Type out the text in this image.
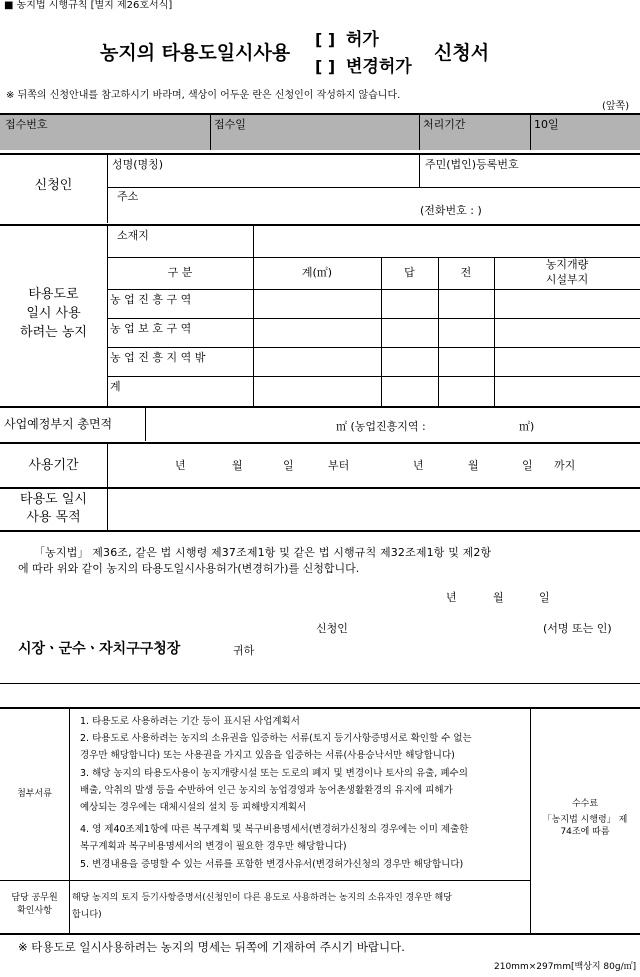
■ 농지법 시행규칙 [별지 제26호서식]
농지의 타용도일시사용
[ ] 허가
[ ] 변경허가
신청서
※ 뒤쪽의 신청안내를 참고하시기 바라며, 색상이 어두운 란은 신청인이 작성하지 않습니다.
(앞쪽)
접수번호	접수일	처리기간	10일
신청인
성명(명칭)	주민(법인)등록번호
주소
(전화번호 : )
타용도로
일시 사용
하려는 농지
소재지
구 분	계(㎡)	답	전
농지개량
시설부지
농 업 진 흥 구 역
농 업 보 호 구 역
농 업 진 흥 지 역 밖
계
사업예정부지 총면적	㎡ (농업진흥지역 :	㎡)
사용기간	년	월	일	부터	년	월	일 까지
타용도 일시
사용 목적
「농지법」 제36조, 같은 법 시행령 제37조제1항 및 같은 법 시행규칙 제32조제1항 및 제2항
에 따라 위와 같이 농지의 타용도일시사용허가(변경허가)를 신청합니다.
년	월	일
신청인	(서명 또는 인)
시장ㆍ군수ㆍ자치구구청장	귀하
첨부서류
1. 타용도로 사용하려는 기간 등이 표시된 사업계획서
2. 타용도로 사용하려는 농지의 소유권을 입증하는 서류(토지 등기사항증명서로 확인할 수 없는
경우만 해당합니다) 또는 사용권을 가지고 있음을 입증하는 서류(사용승낙서만 해당합니다)
3. 해당 농지의 타용도사용이 농지개량시설 또는 도로의 폐지 및 변경이나 토사의 유출, 폐수의
배출, 악취의 발생 등을 수반하여 인근 농지의 농업경영과 농어촌생활환경의 유지에 피해가
예상되는 경우에는 대체시설의 설치 등 피해방지계획서
4. 영 제40조제1항에 따른 복구계획 및 복구비용명세서(변경허가신청의 경우에는 이미 제출한
복구계획과 복구비용명세서의 변경이 필요한 경우만 해당합니다)
5. 변경내용을 증명할 수 있는 서류를 포함한 변경사유서(변경허가신청의 경우만 해당합니다)
수수료
「농지법 시행령」 제
74조에 따름
담당 공무원
확인사항
해당 농지의 토지 등기사항증명서(신청인이 다른 용도로 사용하려는 농지의 소유자인 경우만 해당
합니다)
※ 타용도로 일시사용하려는 농지의 명세는 뒤쪽에 기재하여 주시기 바랍니다.
210mm×297mm[백상지 80g/㎡]
